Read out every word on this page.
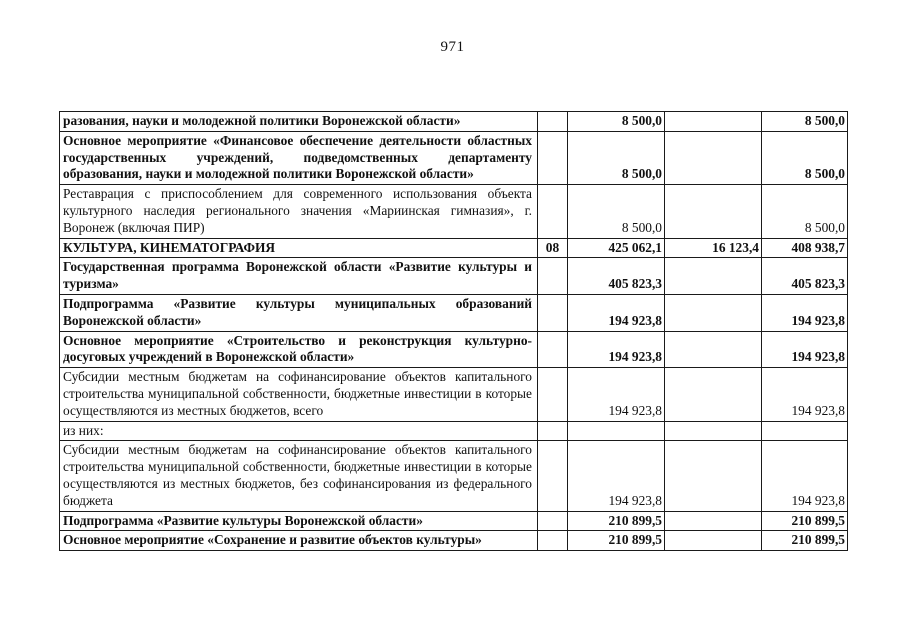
971
разования, науки и молодежной политики Воронежской области»		8 500,0		8 500,0
Основное мероприятие «Финансовое обеспечение деятельности областных государственных учреждений, подведомственных департаменту образования, науки и молодежной политики Воронежской области»		8 500,0		8 500,0
Реставрация с приспособлением для современного использования объекта культурного наследия регионального значения «Мариинская гимназия», г. Воронеж (включая ПИР)		8 500,0		8 500,0
КУЛЬТУРА, КИНЕМАТОГРАФИЯ	08	425 062,1	16 123,4	408 938,7
Государственная программа Воронежской области «Развитие культуры и туризма»		405 823,3		405 823,3
Подпрограмма «Развитие культуры муниципальных образований Воронежской области»		194 923,8		194 923,8
Основное мероприятие «Строительство и реконструкция культурно-досуговых учреждений в Воронежской области»		194 923,8		194 923,8
Субсидии местным бюджетам на софинансирование объектов капитального строительства муниципальной собственности, бюджетные инвестиции в которые осуществляются из местных бюджетов, всего		194 923,8		194 923,8
из них:				
Субсидии местным бюджетам на софинансирование объектов капитального строительства муниципальной собственности, бюджетные инвестиции в которые осуществляются из местных бюджетов, без софинансирования из федерального бюджета		194 923,8		194 923,8
Подпрограмма «Развитие культуры Воронежской области»		210 899,5		210 899,5
Основное мероприятие «Сохранение и развитие объектов культуры»		210 899,5		210 899,5
